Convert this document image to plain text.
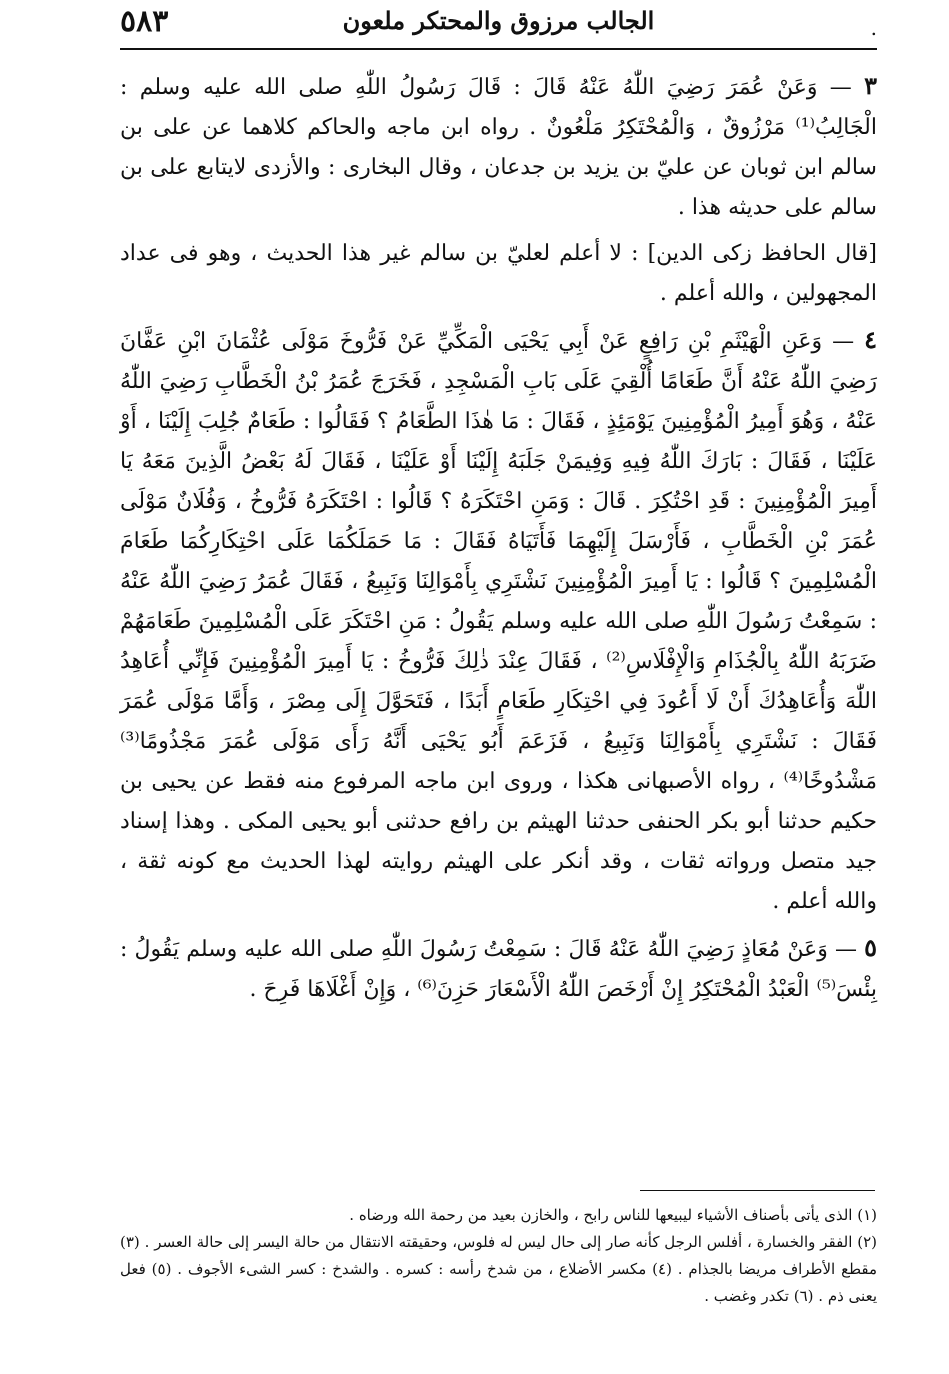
.
الجالب مرزوق والمحتكر ملعون
٥٨٣

٣ — وَعَنْ عُمَرَ رَضِيَ اللّٰهُ عَنْهُ قَالَ : قَالَ رَسُولُ اللّٰهِ صلى الله عليه وسلم : الْجَالِبُ⁽¹⁾ مَرْزُوقٌ ، وَالْمُحْتَكِرُ مَلْعُونٌ . رواه ابن ماجه والحاكم كلاهما عن على بن سالم ابن ثوبان عن عليّ بن يزيد بن جدعان ، وقال البخارى : والأزدى لايتابع على بن سالم على حديثه هذا .

[قال الحافظ زكى الدين] : لا أعلم لعليّ بن سالم غير هذا الحديث ، وهو فى عداد المجهولين ، والله أعلم .

٤ — وَعَنِ الْهَيْثَمِ بْنِ رَافِعٍ عَنْ أَبِي يَحْيَى الْمَكِّيِّ عَنْ فَرُّوخَ مَوْلَى عُثْمَانَ ابْنِ عَفَّانَ رَضِيَ اللّٰهُ عَنْهُ أَنَّ طَعَامًا أُلْقِيَ عَلَى بَابِ الْمَسْجِدِ ، فَخَرَجَ عُمَرُ بْنُ الْخَطَّابِ رَضِيَ اللّٰهُ عَنْهُ ، وَهُوَ أَمِيرُ الْمُؤْمِنِينَ يَوْمَئِذٍ ، فَقَالَ : مَا هٰذَا الطَّعَامُ ؟ فَقَالُوا : طَعَامٌ جُلِبَ إِلَيْنَا ، أَوْ عَلَيْنَا ، فَقَالَ : بَارَكَ اللّٰهُ فِيهِ وَفِيمَنْ جَلَبَهُ إِلَيْنَا أَوْ عَلَيْنَا ، فَقَالَ لَهُ بَعْضُ الَّذِينَ مَعَهُ يَا أَمِيرَ الْمُؤْمِنِينَ : قَدِ احْتُكِرَ . قَالَ : وَمَنِ احْتَكَرَهُ ؟ قَالُوا : احْتَكَرَهُ فَرُّوخُ ، وَفُلَانٌ مَوْلَى عُمَرَ بْنِ الْخَطَّابِ ، فَأَرْسَلَ إِلَيْهِمَا فَأَتَيَاهُ فَقَالَ : مَا حَمَلَكُمَا عَلَى احْتِكَارِكُمَا طَعَامَ الْمُسْلِمِينَ ؟ قَالُوا : يَا أَمِيرَ الْمُؤْمِنِينَ نَشْتَرِي بِأَمْوَالِنَا وَنَبِيعُ ، فَقَالَ عُمَرُ رَضِيَ اللّٰهُ عَنْهُ : سَمِعْتُ رَسُولَ اللّٰهِ صلى الله عليه وسلم يَقُولُ : مَنِ احْتَكَرَ عَلَى الْمُسْلِمِينَ طَعَامَهُمْ ضَرَبَهُ اللّٰهُ بِالْجُذَامِ وَالْإِفْلَاسِ⁽²⁾ ، فَقَالَ عِنْدَ ذٰلِكَ فَرُّوخُ : يَا أَمِيرَ الْمُؤْمِنِينَ فَإِنِّي أُعَاهِدُ اللّٰهَ وَأُعَاهِدُكَ أَنْ لَا أَعُودَ فِي احْتِكَارِ طَعَامٍ أَبَدًا ، فَتَحَوَّلَ إِلَى مِصْرَ ، وَأَمَّا مَوْلَى عُمَرَ فَقَالَ : نَشْتَرِي بِأَمْوَالِنَا وَنَبِيعُ ، فَزَعَمَ أَبُو يَحْيَى أَنَّهُ رَأَى مَوْلَى عُمَرَ مَجْذُومًا⁽³⁾ مَشْدُوخًا⁽⁴⁾ ، رواه الأصبهانى هكذا ، وروى ابن ماجه المرفوع منه فقط عن يحيى بن حكيم حدثنا أبو بكر الحنفى حدثنا الهيثم بن رافع حدثنى أبو يحيى المكى . وهذا إسناد جيد متصل ورواته ثقات ، وقد أنكر على الهيثم روايته لهذا الحديث مع كونه ثقة ، والله أعلم .

٥ — وَعَنْ مُعَاذٍ رَضِيَ اللّٰهُ عَنْهُ قَالَ : سَمِعْتُ رَسُولَ اللّٰهِ صلى الله عليه وسلم يَقُولُ : بِئْسَ⁽⁵⁾ الْعَبْدُ الْمُحْتَكِرُ إِنْ أَرْخَصَ اللّٰهُ الْأَسْعَارَ حَزِنَ⁽⁶⁾ ، وَإِنْ أَغْلَاهَا فَرِحَ .

(١) الذى يأتى بأصناف الأشياء ليبيعها للناس رابح ، والخازن بعيد من رحمة الله ورضاه .

(٢) الفقر والخسارة ، أفلس الرجل كأنه صار إلى حال ليس له فلوس، وحقيقته الانتقال من حالة اليسر إلى حالة العسر . (٣) مقطع الأطراف مريضا بالجذام . (٤) مكسر الأضلاع ، من شدخ رأسه : كسره . والشدخ : كسر الشىء الأجوف . (٥) فعل يعنى ذم . (٦) تكدر وغضب .
